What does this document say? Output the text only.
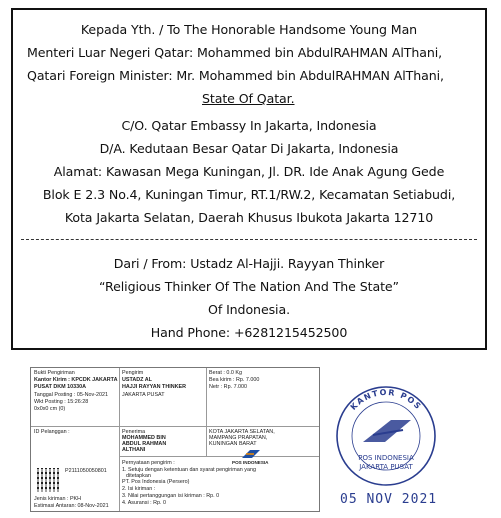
Kepada Yth. / To The Honorable Handsome Young Man
Menteri Luar Negeri Qatar: Mohammed bin AbdulRAHMAN AlThani,
Qatari Foreign Minister: Mr. Mohammed bin AbdulRAHMAN AlThani,
State Of Qatar.
C/O. Qatar Embassy In Jakarta, Indonesia
D/A. Kedutaan Besar Qatar Di Jakarta, Indonesia
Alamat: Kawasan Mega Kuningan, Jl. DR. Ide Anak Agung Gede
Blok E 2.3 No.4, Kuningan Timur, RT.1/RW.2, Kecamatan Setiabudi,
Kota Jakarta Selatan, Daerah Khusus Ibukota Jakarta 12710
Dari / From: Ustadz Al-Hajji. Rayyan Thinker
“Religious Thinker Of The Nation And The State”
Of Indonesia.
Hand Phone: +6281215452500
Bukti Pengiriman
Kantor Kirim : KPCDK JAKARTA
PUSAT DKM 10330A
Tanggal Posting : 05-Nov-2021
Wkt Posting : 15:26:28
0x0x0 cm (0)
Pengirim
USTADZ AL
HAJJI RAYYAN THINKER
JAKARTA PUSAT
Berat : 0.0 Kg
Bea kirim : Rp. 7.000
Netr : Rp. 7.000
ID Pelanggan :	Penerima
MOHAMMED BIN
ABDUL RAHMAN
ALTHANI
KOTA JAKARTA SELATAN,
MAMPANG PRAPATAN,
KUNINGAN BARAT
POS INDONESIA
P2111050050801
Jenis kiriman : PKH
Estimasi Antaran: 08-Nov-2021
Pernyataan pengirim :
1. Setuju dengan ketentuan dan syarat pengiriman yang
ditetapkan
PT. Pos Indonesia (Persero)
2. Isi kiriman :
3. Nilai pertanggungan isi kiriman : Rp. 0
4. Asuransi : Rp. 0
KANTOR POS
POS INDONESIA
JAKARTA PUSAT
05 NOV 2021
